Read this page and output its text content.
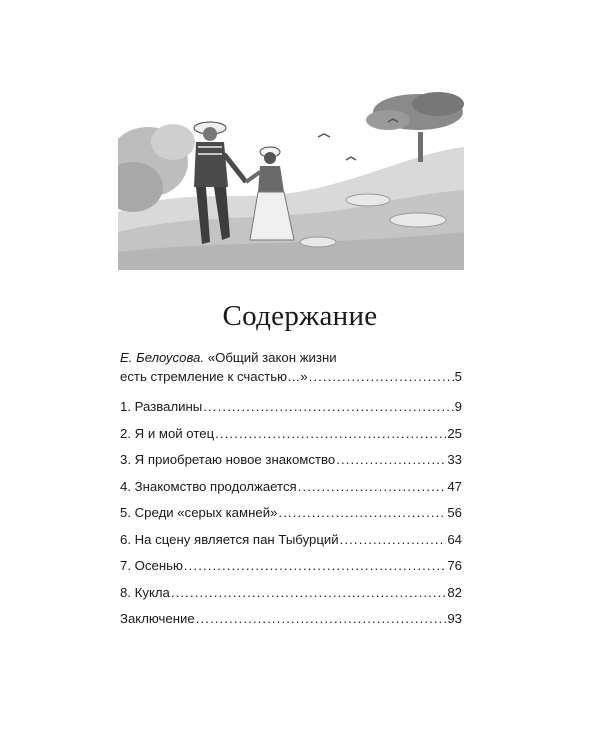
Содержание
Е. Белоусова. «Общий закон жизни
есть стремление к счастью…» .....	5
1. Развалины .....	9
2. Я и мой отец .....	25
3. Я приобретаю новое знакомство .....	33
4. Знакомство продолжается .....	47
5. Среди «серых камней» .....	56
6. На сцену является пан Тыбурций .....	64
7. Осенью .....	76
8. Кукла .....	82
Заключение .....	93
